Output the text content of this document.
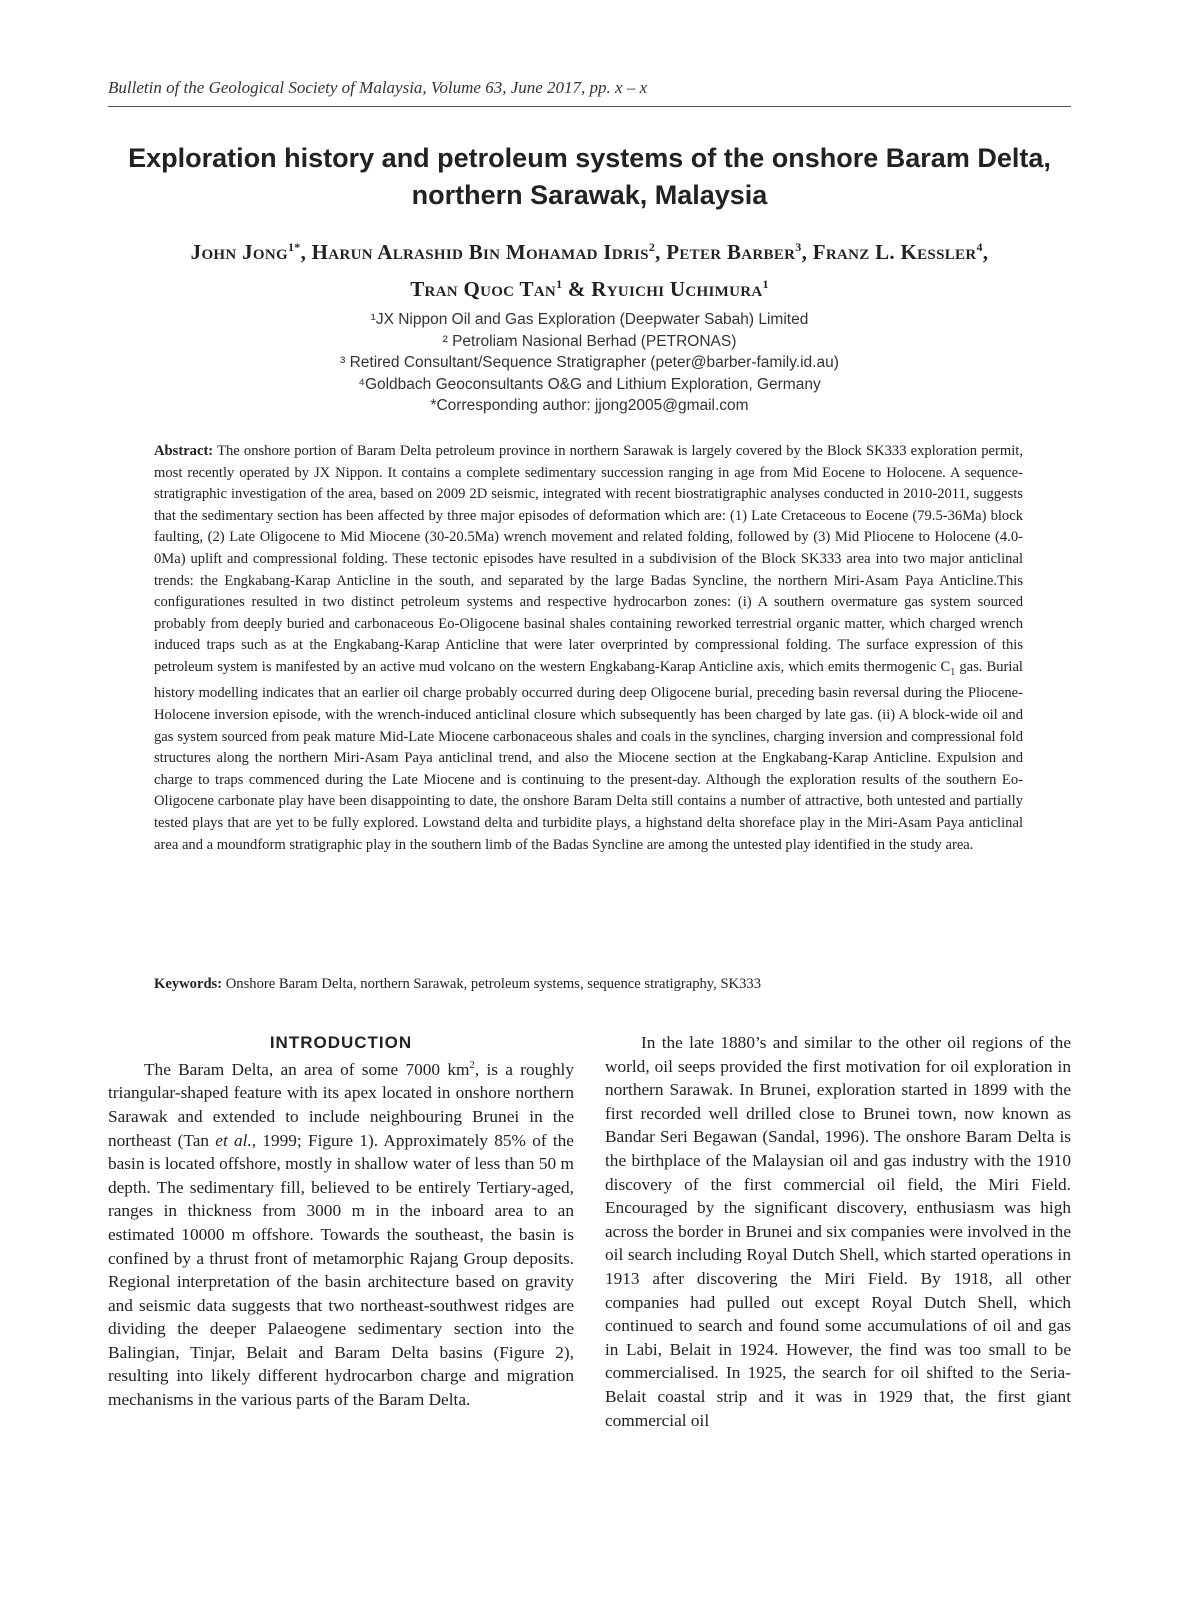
Bulletin of the Geological Society of Malaysia, Volume 63, June 2017, pp. x – x
Exploration history and petroleum systems of the onshore Baram Delta, northern Sarawak, Malaysia
John Jong$^{1*}$, Harun Alrashid Bin Mohamad Idris$^2$, Peter Barber$^3$, Franz L. Kessler$^4$,
Tran Quoc Tan$^1$ & Ryuichi Uchimura$^1$
¹JX Nippon Oil and Gas Exploration (Deepwater Sabah) Limited
² Petroliam Nasional Berhad (PETRONAS)
³ Retired Consultant/Sequence Stratigrapher (peter@barber-family.id.au)
⁴Goldbach Geoconsultants O&G and Lithium Exploration, Germany
*Corresponding author: jjong2005@gmail.com
Abstract: The onshore portion of Baram Delta petroleum province in northern Sarawak is largely covered by the Block SK333 exploration permit, most recently operated by JX Nippon. It contains a complete sedimentary succession ranging in age from Mid Eocene to Holocene. A sequence-stratigraphic investigation of the area, based on 2009 2D seismic, integrated with recent biostratigraphic analyses conducted in 2010-2011, suggests that the sedimentary section has been affected by three major episodes of deformation which are: (1) Late Cretaceous to Eocene (79.5-36Ma) block faulting, (2) Late Oligocene to Mid Miocene (30-20.5Ma) wrench movement and related folding, followed by (3) Mid Pliocene to Holocene (4.0-0Ma) uplift and compressional folding. These tectonic episodes have resulted in a subdivision of the Block SK333 area into two major anticlinal trends: the Engkabang-Karap Anticline in the south, and separated by the large Badas Syncline, the northern Miri-Asam Paya Anticline.This configurationes resulted in two distinct petroleum systems and respective hydrocarbon zones: (i) A southern overmature gas system sourced probably from deeply buried and carbonaceous Eo-Oligocene basinal shales containing reworked terrestrial organic matter, which charged wrench induced traps such as at the Engkabang-Karap Anticline that were later overprinted by compressional folding. The surface expression of this petroleum system is manifested by an active mud volcano on the western Engkabang-Karap Anticline axis, which emits thermogenic $C_1$ gas. Burial history modelling indicates that an earlier oil charge probably occurred during deep Oligocene burial, preceding basin reversal during the Pliocene-Holocene inversion episode, with the wrench-induced anticlinal closure which subsequently has been charged by late gas. (ii) A block-wide oil and gas system sourced from peak mature Mid-Late Miocene carbonaceous shales and coals in the synclines, charging inversion and compressional fold structures along the northern Miri-Asam Paya anticlinal trend, and also the Miocene section at the Engkabang-Karap Anticline. Expulsion and charge to traps commenced during the Late Miocene and is continuing to the present-day. Although the exploration results of the southern Eo-Oligocene carbonate play have been disappointing to date, the onshore Baram Delta still contains a number of attractive, both untested and partially tested plays that are yet to be fully explored. Lowstand delta and turbidite plays, a highstand delta shoreface play in the Miri-Asam Paya anticlinal area and a moundform stratigraphic play in the southern limb of the Badas Syncline are among the untested play identified in the study area.
Keywords: Onshore Baram Delta, northern Sarawak, petroleum systems, sequence stratigraphy, SK333
INTRODUCTION

The Baram Delta, an area of some 7000 $km^2$, is a roughly triangular-shaped feature with its apex located in onshore northern Sarawak and extended to include neighbouring Brunei in the northeast (Tan et al., 1999; Figure 1). Approximately 85% of the basin is located offshore, mostly in shallow water of less than 50 m depth. The sedimentary fill, believed to be entirely Tertiary-aged, ranges in thickness from 3000 m in the inboard area to an estimated 10000 m offshore. Towards the southeast, the basin is confined by a thrust front of metamorphic Rajang Group deposits. Regional interpretation of the basin architecture based on gravity and seismic data suggests that two northeast-southwest ridges are dividing the deeper Palaeogene sedimentary section into the Balingian, Tinjar, Belait and Baram Delta basins (Figure 2), resulting into likely different hydrocarbon charge and migration mechanisms in the various parts of the Baram Delta.

In the late 1880’s and similar to the other oil regions of the world, oil seeps provided the first motivation for oil exploration in northern Sarawak. In Brunei, exploration started in 1899 with the first recorded well drilled close to Brunei town, now known as Bandar Seri Begawan (Sandal, 1996). The onshore Baram Delta is the birthplace of the Malaysian oil and gas industry with the 1910 discovery of the first commercial oil field, the Miri Field. Encouraged by the significant discovery, enthusiasm was high across the border in Brunei and six companies were involved in the oil search including Royal Dutch Shell, which started operations in 1913 after discovering the Miri Field. By 1918, all other companies had pulled out except Royal Dutch Shell, which continued to search and found some accumulations of oil and gas in Labi, Belait in 1924. However, the find was too small to be commercialised. In 1925, the search for oil shifted to the Seria-Belait coastal strip and it was in 1929 that, the first giant commercial oil
